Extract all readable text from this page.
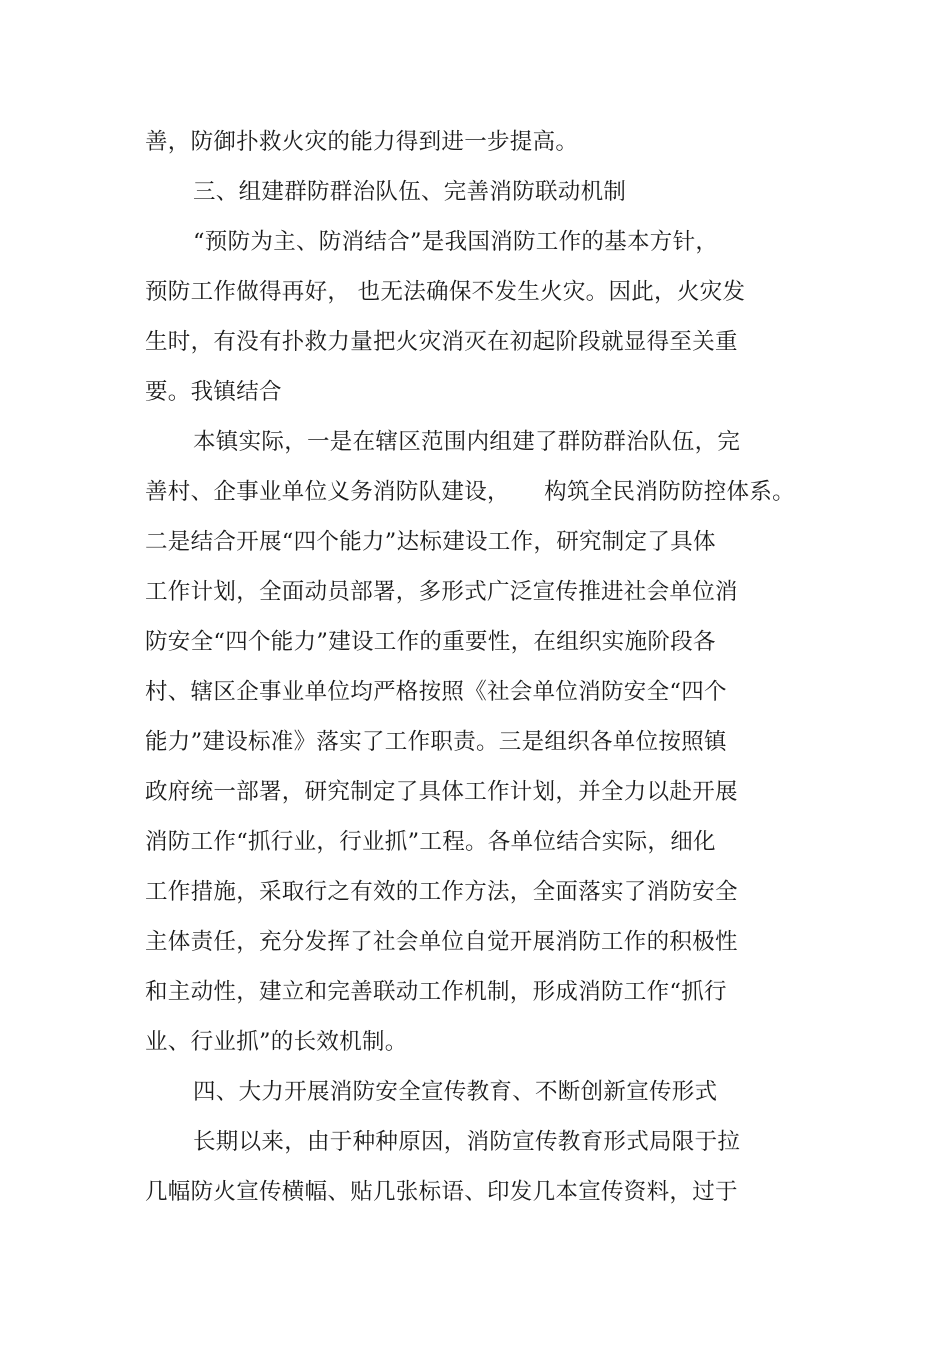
善，防御扑救火灾的能力得到进一步提高。
三、组建群防群治队伍、完善消防联动机制
“预防为主、防消结合”是我国消防工作的基本方针，
预防工作做得再好， 也无法确保不发生火灾。因此，火灾发
生时，有没有扑救力量把火灾消灭在初起阶段就显得至关重
要。我镇结合
本镇实际，一是在辖区范围内组建了群防群治队伍，完
善村、企事业单位义务消防队建设，　　构筑全民消防防控体系。
二是结合开展“四个能力”达标建设工作，研究制定了具体
工作计划，全面动员部署，多形式广泛宣传推进社会单位消
防安全“四个能力”建设工作的重要性，在组织实施阶段各
村、辖区企事业单位均严格按照《社会单位消防安全“四个
能力”建设标准》落实了工作职责。三是组织各单位按照镇
政府统一部署，研究制定了具体工作计划，并全力以赴开展
消防工作“抓行业，行业抓”工程。各单位结合实际，细化
工作措施，采取行之有效的工作方法，全面落实了消防安全
主体责任，充分发挥了社会单位自觉开展消防工作的积极性
和主动性，建立和完善联动工作机制，形成消防工作“抓行
业、行业抓”的长效机制。
四、大力开展消防安全宣传教育、不断创新宣传形式
长期以来，由于种种原因，消防宣传教育形式局限于拉
几幅防火宣传横幅、贴几张标语、印发几本宣传资料，过于
